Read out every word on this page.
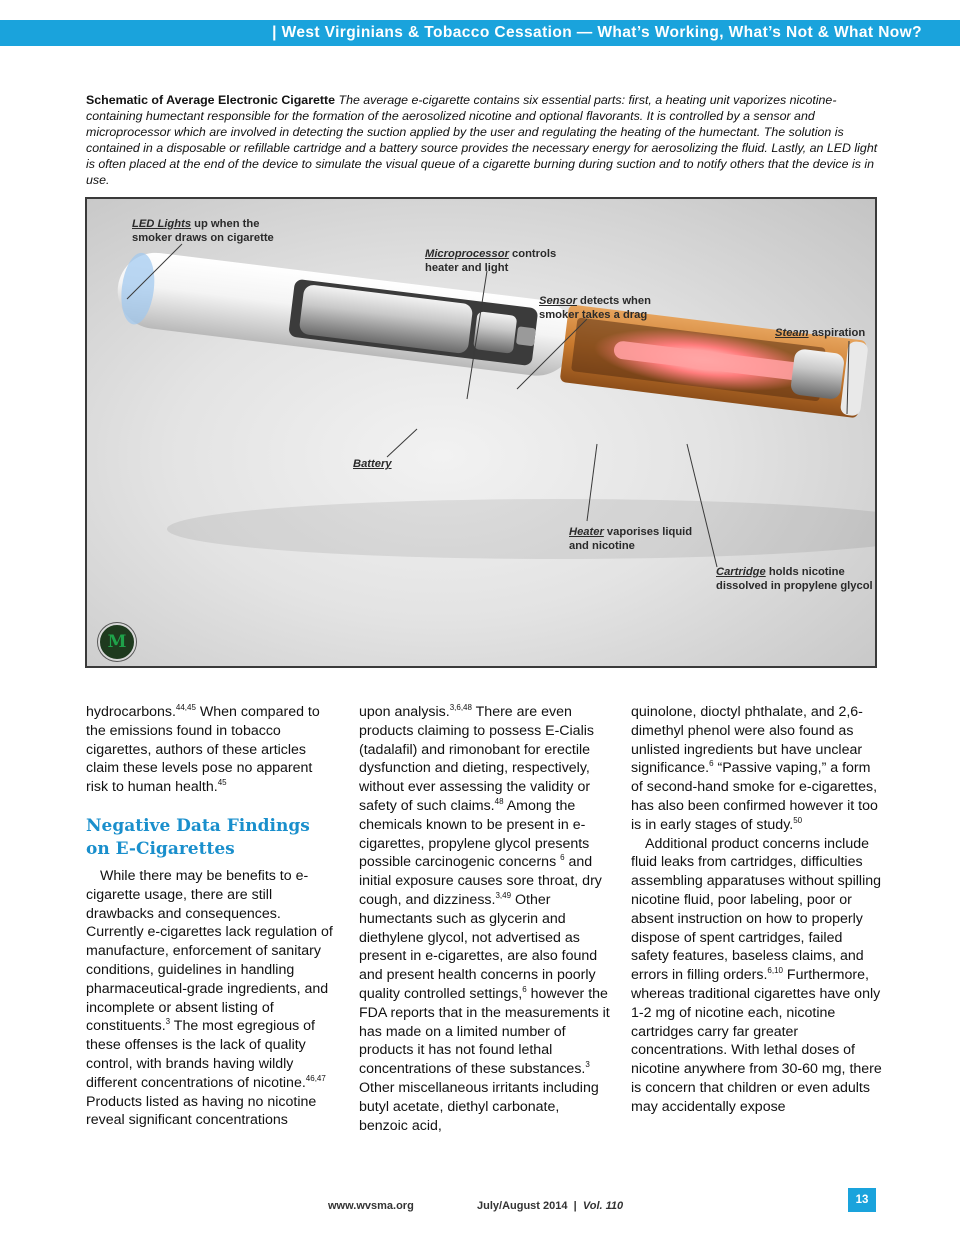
| West Virginians & Tobacco Cessation — What’s Working, What’s Not & What Now?
Schematic of Average Electronic Cigarette The average e-cigarette contains six essential parts: first, a heating unit vaporizes nicotine-containing humectant responsible for the formation of the aerosolized nicotine and optional flavorants. It is controlled by a sensor and microprocessor which are involved in detecting the suction applied by the user and regulating the heating of the humectant. The solution is contained in a disposable or refillable cartridge and a battery source provides the necessary energy for aerosolizing the fluid. Lastly, an LED light is often placed at the end of the device to simulate the visual queue of a cigarette burning during suction and to notify others that the device is in use.
LED Lights up when the
smoker draws on cigarette
Microprocessor controls
heater and light
Sensor detects when
smoker takes a drag
Steam aspiration
Battery
Heater vaporises liquid
and nicotine
Cartridge holds nicotine
dissolved in propylene glycol
M

hydrocarbons.$^{44,45}$ When compared to the emissions found in tobacco cigarettes, authors of these articles claim these levels pose no apparent risk to human health.$^{45}$

Negative Data Findings on E-Cigarettes

While there may be benefits to e-cigarette usage, there are still drawbacks and consequences. Currently e-cigarettes lack regulation of manufacture, enforcement of sanitary conditions, guidelines in handling pharmaceutical-grade ingredients, and incomplete or absent listing of constituents.$^3$ The most egregious of these offenses is the lack of quality control, with brands having wildly different concentrations of nicotine.$^{46,47}$ Products listed as having no nicotine reveal significant concentrations

upon analysis.$^{3,6,48}$ There are even products claiming to possess E-Cialis (tadalafil) and rimonobant for erectile dysfunction and dieting, respectively, without ever assessing the validity or safety of such claims.$^{48}$ Among the chemicals known to be present in e-cigarettes, propylene glycol presents possible carcinogenic concerns $^6$ and initial exposure causes sore throat, dry cough, and dizziness.$^{3,49}$ Other humectants such as glycerin and diethylene glycol, not advertised as present in e-cigarettes, are also found and present health concerns in poorly quality controlled settings,$^6$ however the FDA reports that in the measurements it has made on a limited number of products it has not found lethal concentrations of these substances.$^3$ Other miscellaneous irritants including butyl acetate, diethyl carbonate, benzoic acid,

quinolone, dioctyl phthalate, and 2,6-dimethyl phenol were also found as unlisted ingredients but have unclear significance.$^6$ “Passive vaping,” a form of second-hand smoke for e-cigarettes, has also been confirmed however it too is in early stages of study.$^{50}$

Additional product concerns include fluid leaks from cartridges, difficulties assembling apparatuses without spilling nicotine fluid, poor labeling, poor or absent instruction on how to properly dispose of spent cartridges, failed safety features, baseless claims, and errors in filling orders.$^{6,10}$ Furthermore, whereas traditional cigarettes have only 1-2 mg of nicotine each, nicotine cartridges carry far greater concentrations. With lethal doses of nicotine anywhere from 30-60 mg, there is concern that children or even adults may accidentally expose

www.wvsma.org	July/August 2014 | Vol. 110	13
